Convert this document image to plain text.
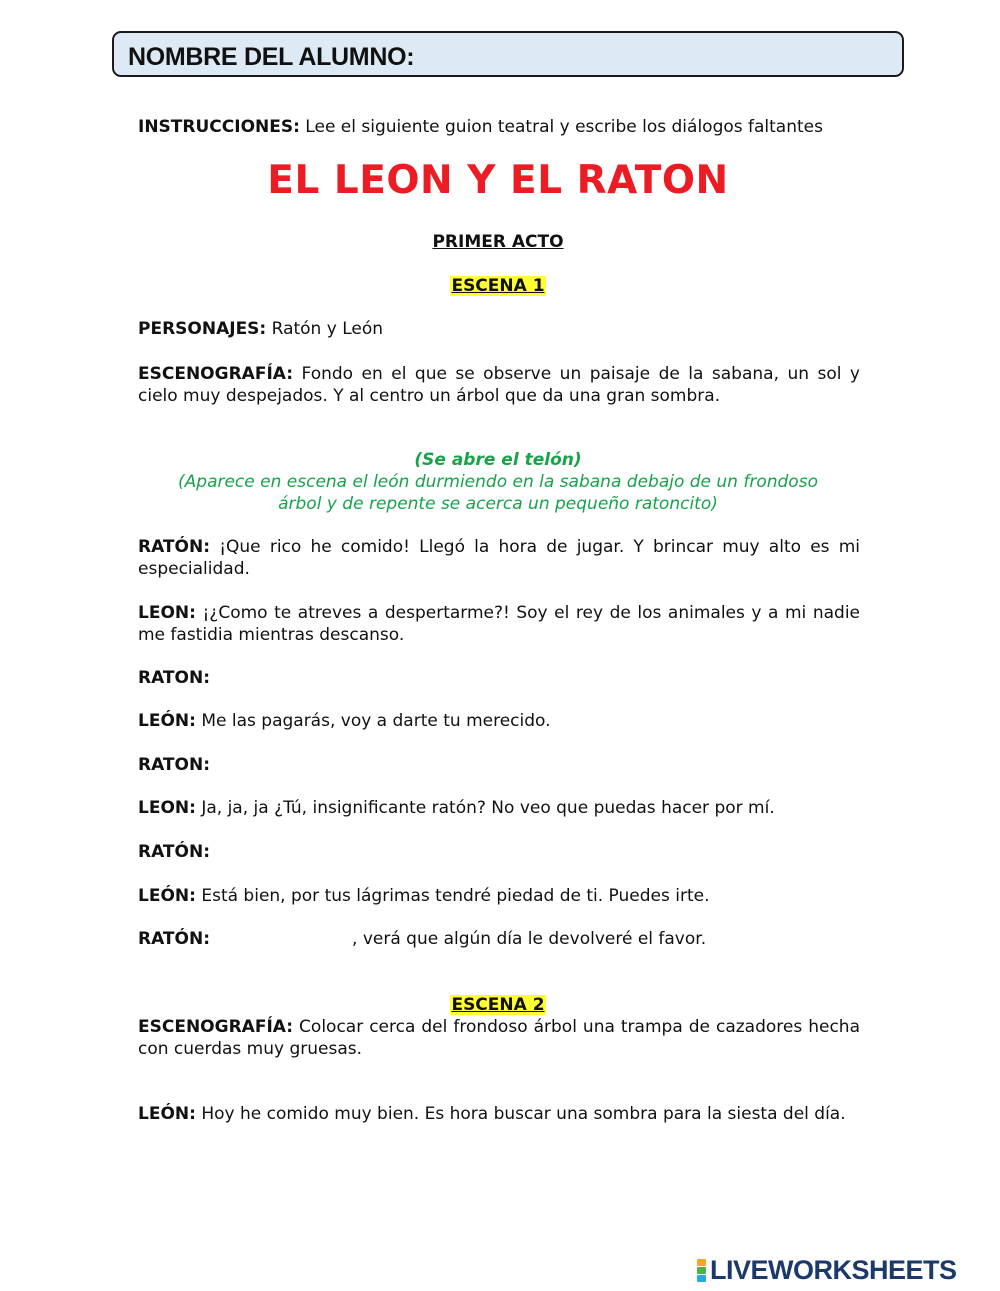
NOMBRE DEL ALUMNO:
INSTRUCCIONES: Lee el siguiente guion teatral y escribe los diálogos faltantes
EL LEON Y EL RATON
PRIMER ACTO
ESCENA 1
PERSONAJES: Ratón y León
ESCENOGRAFÍA: Fondo en el que se observe un paisaje de la sabana, un sol y cielo muy despejados. Y al centro un árbol que da una gran sombra.
(Se abre el telón)
(Aparece en escena el león durmiendo en la sabana debajo de un frondoso
árbol y de repente se acerca un pequeño ratoncito)
RATÓN: ¡Que rico he comido! Llegó la hora de jugar. Y brincar muy alto es mi especialidad.
LEON: ¡¿Como te atreves a despertarme?! Soy el rey de los animales y a mi nadie me fastidia mientras descanso.
RATON:
LEÓN: Me las pagarás, voy a darte tu merecido.
RATON:
LEON: Ja, ja, ja ¿Tú, insignificante ratón? No veo que puedas hacer por mí.
RATÓN:
LEÓN: Está bien, por tus lágrimas tendré piedad de ti. Puedes irte.
RATÓN:	, verá que algún día le devolveré el favor.
ESCENA 2
ESCENOGRAFÍA: Colocar cerca del frondoso árbol una trampa de cazadores hecha con cuerdas muy gruesas.
LEÓN: Hoy he comido muy bien. Es hora buscar una sombra para la siesta del día.
LIVEWORKSHEETS
